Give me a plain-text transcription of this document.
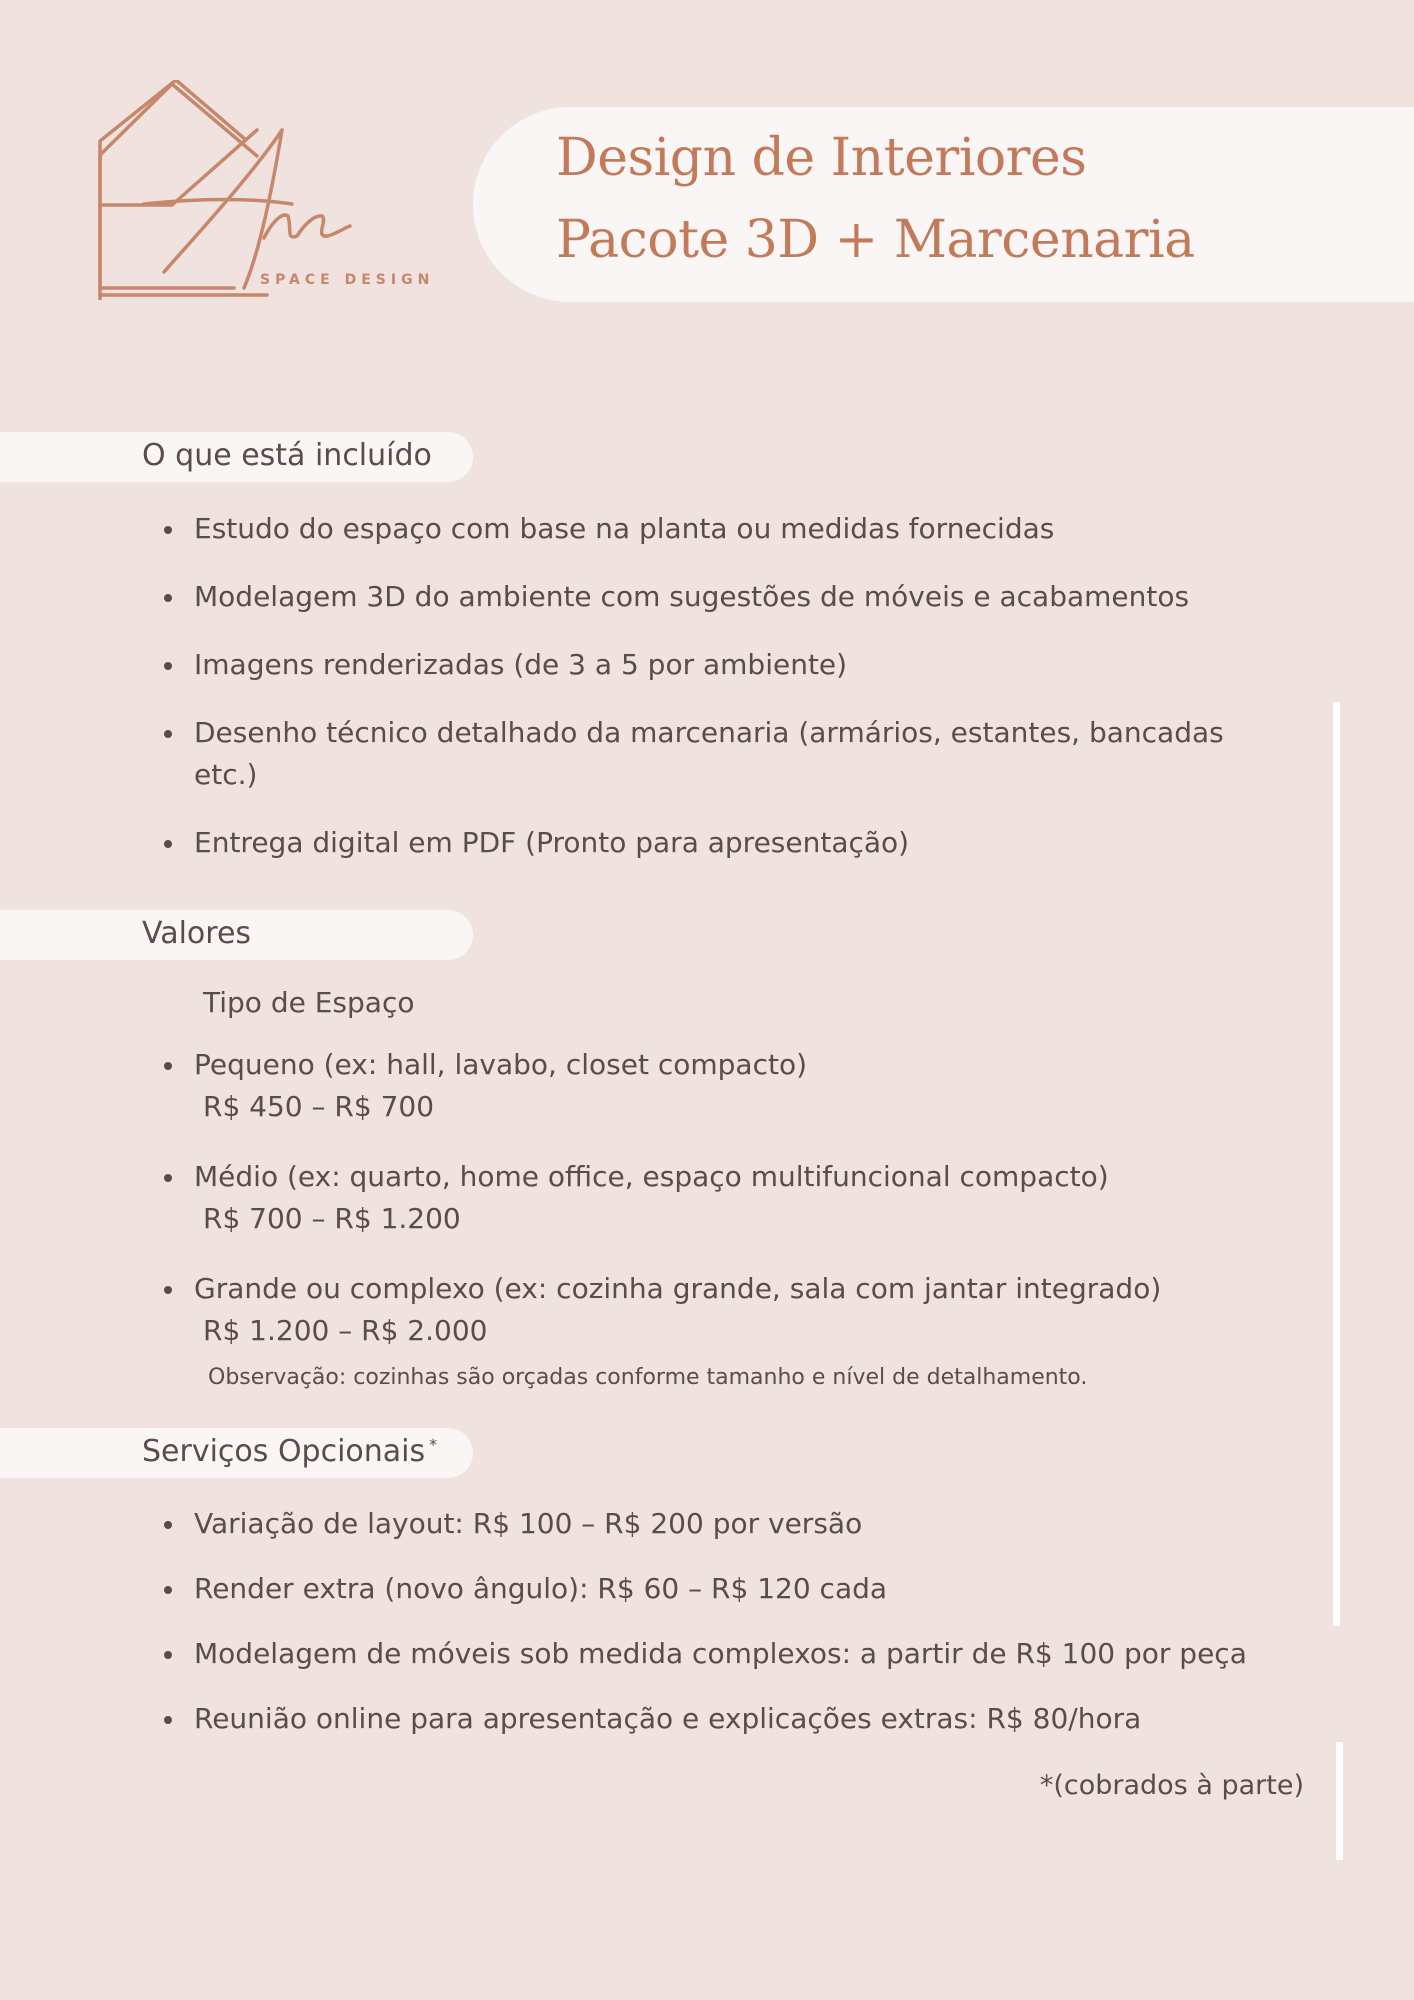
SPACE DESIGN
Design de Interiores
Pacote 3D + Marcenaria
O que está incluído
Estudo do espaço com base na planta ou medidas fornecidas
Modelagem 3D do ambiente com sugestões de móveis e acabamentos
Imagens renderizadas (de 3 a 5 por ambiente)
Desenho técnico detalhado da marcenaria (armários, estantes, bancadas
etc.)
Entrega digital em PDF (Pronto para apresentação)
Valores
Tipo de Espaço
Pequeno (ex: hall, lavabo, closet compacto)
R$ 450 – R$ 700
Médio (ex: quarto, home office, espaço multifuncional compacto)
R$ 700 – R$ 1.200
Grande ou complexo (ex: cozinha grande, sala com jantar integrado)
R$ 1.200 – R$ 2.000
Observação: cozinhas são orçadas conforme tamanho e nível de detalhamento.
Serviços Opcionais *
Variação de layout: R$ 100 – R$ 200 por versão
Render extra (novo ângulo): R$ 60 – R$ 120 cada
Modelagem de móveis sob medida complexos: a partir de R$ 100 por peça
Reunião online para apresentação e explicações extras: R$ 80/hora
*(cobrados à parte)
